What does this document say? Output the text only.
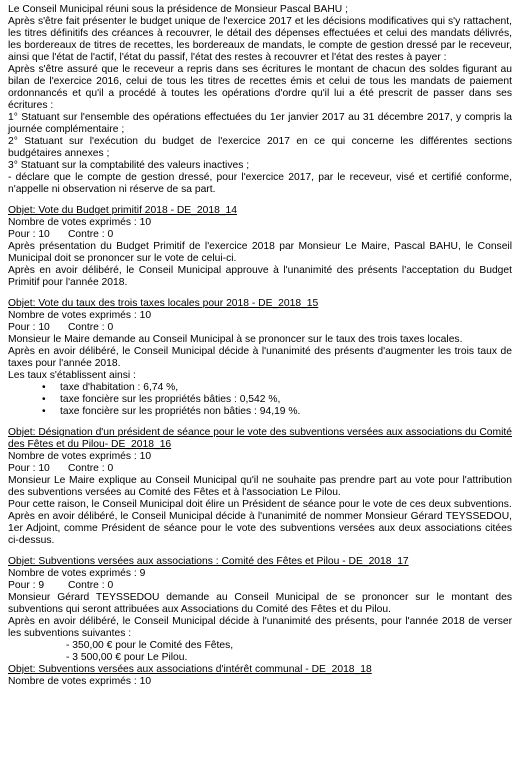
Le Conseil Municipal réuni sous la présidence de Monsieur Pascal BAHU ;

Après s'être fait présenter le budget unique de l'exercice 2017 et les décisions modificatives qui s'y rattachent, les titres définitifs des créances à recouvrer, le détail des dépenses effectuées et celui des mandats délivrés, les bordereaux de titres de recettes, les bordereaux de mandats, le compte de gestion dressé par le receveur, ainsi que l'état de l'actif, l'état du passif, l'état des restes à recouvrer et l'état des restes à payer :

Après s'être assuré que le receveur a repris dans ses écritures le montant de chacun des soldes figurant au bilan de l'exercice 2016, celui de tous les titres de recettes émis et celui de tous les mandats de paiement ordonnancés et qu'il a procédé à toutes les opérations d'ordre qu'il lui a été prescrit de passer dans ses écritures :

1° Statuant sur l'ensemble des opérations effectuées du 1er janvier 2017 au 31 décembre 2017, y compris la journée complémentaire ;

2° Statuant sur l'exécution du budget de l'exercice 2017 en ce qui concerne les différentes sections budgétaires annexes ;

3° Statuant sur la comptabilité des valeurs inactives ;

- déclare que le compte de gestion dressé, pour l'exercice 2017, par le receveur, visé et certifié conforme, n'appelle ni observation ni réserve de sa part.

Objet: Vote du Budget primitif 2018 - DE_2018_14

Nombre de votes exprimés : 10

Pour : 10 Contre : 0

Après présentation du Budget Primitif de l'exercice 2018 par Monsieur Le Maire, Pascal BAHU, le Conseil Municipal doit se prononcer sur le vote de celui-ci.

Après en avoir délibéré, le Conseil Municipal approuve à l'unanimité des présents l'acceptation du Budget Primitif pour l'année 2018.

Objet: Vote du taux des trois taxes locales pour 2018 - DE_2018_15

Nombre de votes exprimés : 10

Pour : 10 Contre : 0

Monsieur le Maire demande au Conseil Municipal à se prononcer sur le taux des trois taxes locales.

Après en avoir délibéré, le Conseil Municipal décide à l'unanimité des présents d'augmenter les trois taux de taxes pour l'année 2018.

Les taux s'établissent ainsi :

• taxe d'habitation : 6,74 %,
• taxe foncière sur les propriétés bâties : 0,542 %,
• taxe foncière sur les propriétés non bâties : 94,19 %.

Objet: Désignation d'un président de séance pour le vote des subventions versées aux associations du Comité des Fêtes et du Pilou- DE_2018_16

Nombre de votes exprimés : 10

Pour : 10 Contre : 0

Monsieur Le Maire explique au Conseil Municipal qu'il ne souhaite pas prendre part au vote pour l'attribution des subventions versées au Comité des Fêtes et à l'association Le Pilou.

Pour cette raison, le Conseil Municipal doit élire un Président de séance pour le vote de ces deux subventions.

Après en avoir délibéré, le Conseil Municipal décide à l'unanimité de nommer Monsieur Gérard TEYSSEDOU, 1er Adjoint, comme Président de séance pour le vote des subventions versées aux deux associations citées ci-dessus.

Objet: Subventions versées aux associations : Comité des Fêtes et Pilou - DE_2018_17

Nombre de votes exprimés : 9

Pour : 9 Contre : 0

Monsieur Gérard TEYSSEDOU demande au Conseil Municipal de se prononcer sur le montant des subventions qui seront attribuées aux Associations du Comité des Fêtes et du Pilou.

Après en avoir délibéré, le Conseil Municipal décide à l'unanimité des présents, pour l'année 2018 de verser les subventions suivantes :

- 350,00 € pour le Comité des Fêtes,

- 3 500,00 € pour Le Pilou.

Objet: Subventions versées aux associations d'intérêt communal - DE_2018_18

Nombre de votes exprimés : 10
